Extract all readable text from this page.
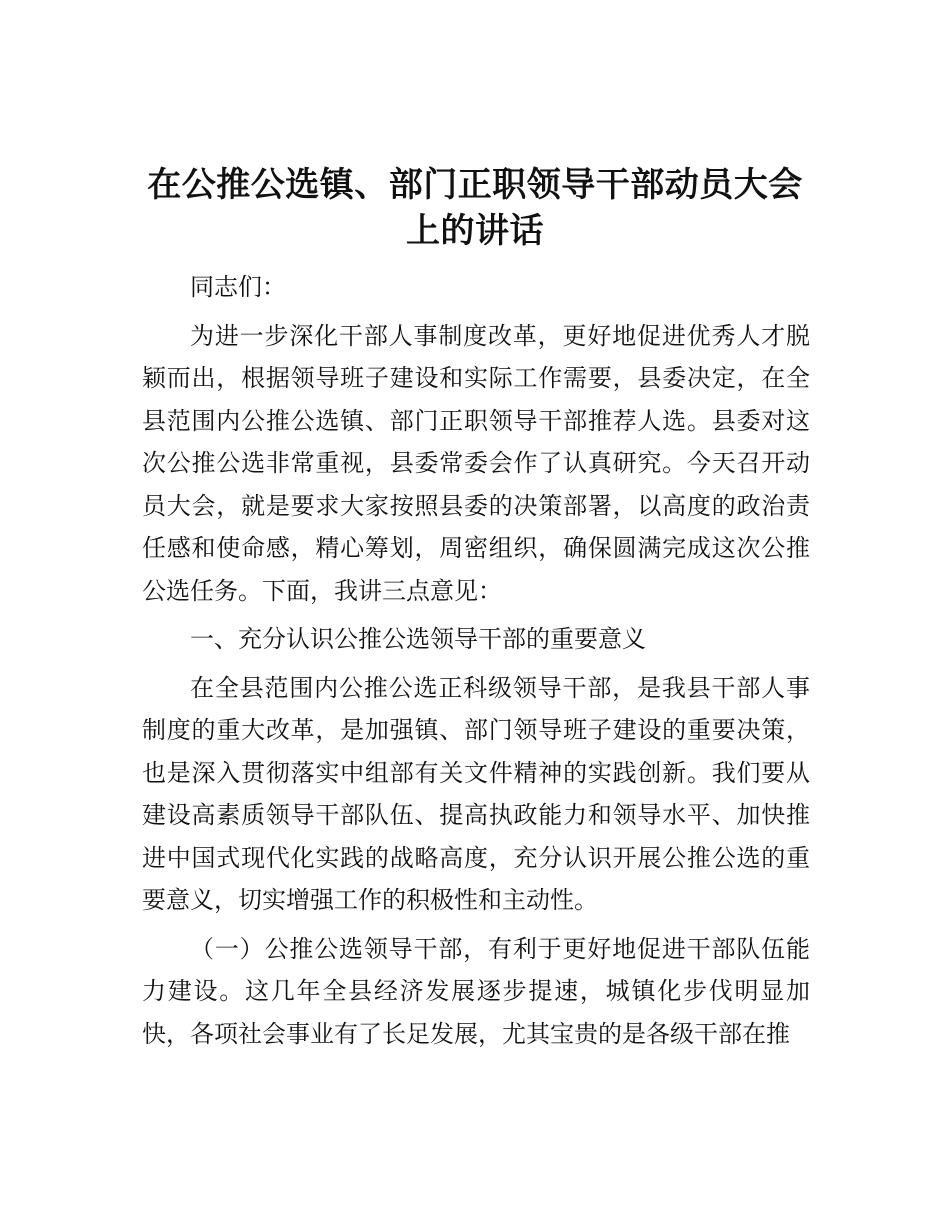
在公推公选镇、部门正职领导干部动员大会上的讲话

同志们：

为进一步深化干部人事制度改革，更好地促进优秀人才脱颖而出，根据领导班子建设和实际工作需要，县委决定，在全县范围内公推公选镇、部门正职领导干部推荐人选。县委对这次公推公选非常重视，县委常委会作了认真研究。今天召开动员大会，就是要求大家按照县委的决策部署，以高度的政治责任感和使命感，精心筹划，周密组织，确保圆满完成这次公推公选任务。下面，我讲三点意见：

一、充分认识公推公选领导干部的重要意义

在全县范围内公推公选正科级领导干部，是我县干部人事制度的重大改革，是加强镇、部门领导班子建设的重要决策，也是深入贯彻落实中组部有关文件精神的实践创新。我们要从建设高素质领导干部队伍、提高执政能力和领导水平、加快推进中国式现代化实践的战略高度，充分认识开展公推公选的重要意义，切实增强工作的积极性和主动性。

（一）公推公选领导干部，有利于更好地促进干部队伍能力建设。这几年全县经济发展逐步提速，城镇化步伐明显加快，各项社会事业有了长足发展，尤其宝贵的是各级干部在推
